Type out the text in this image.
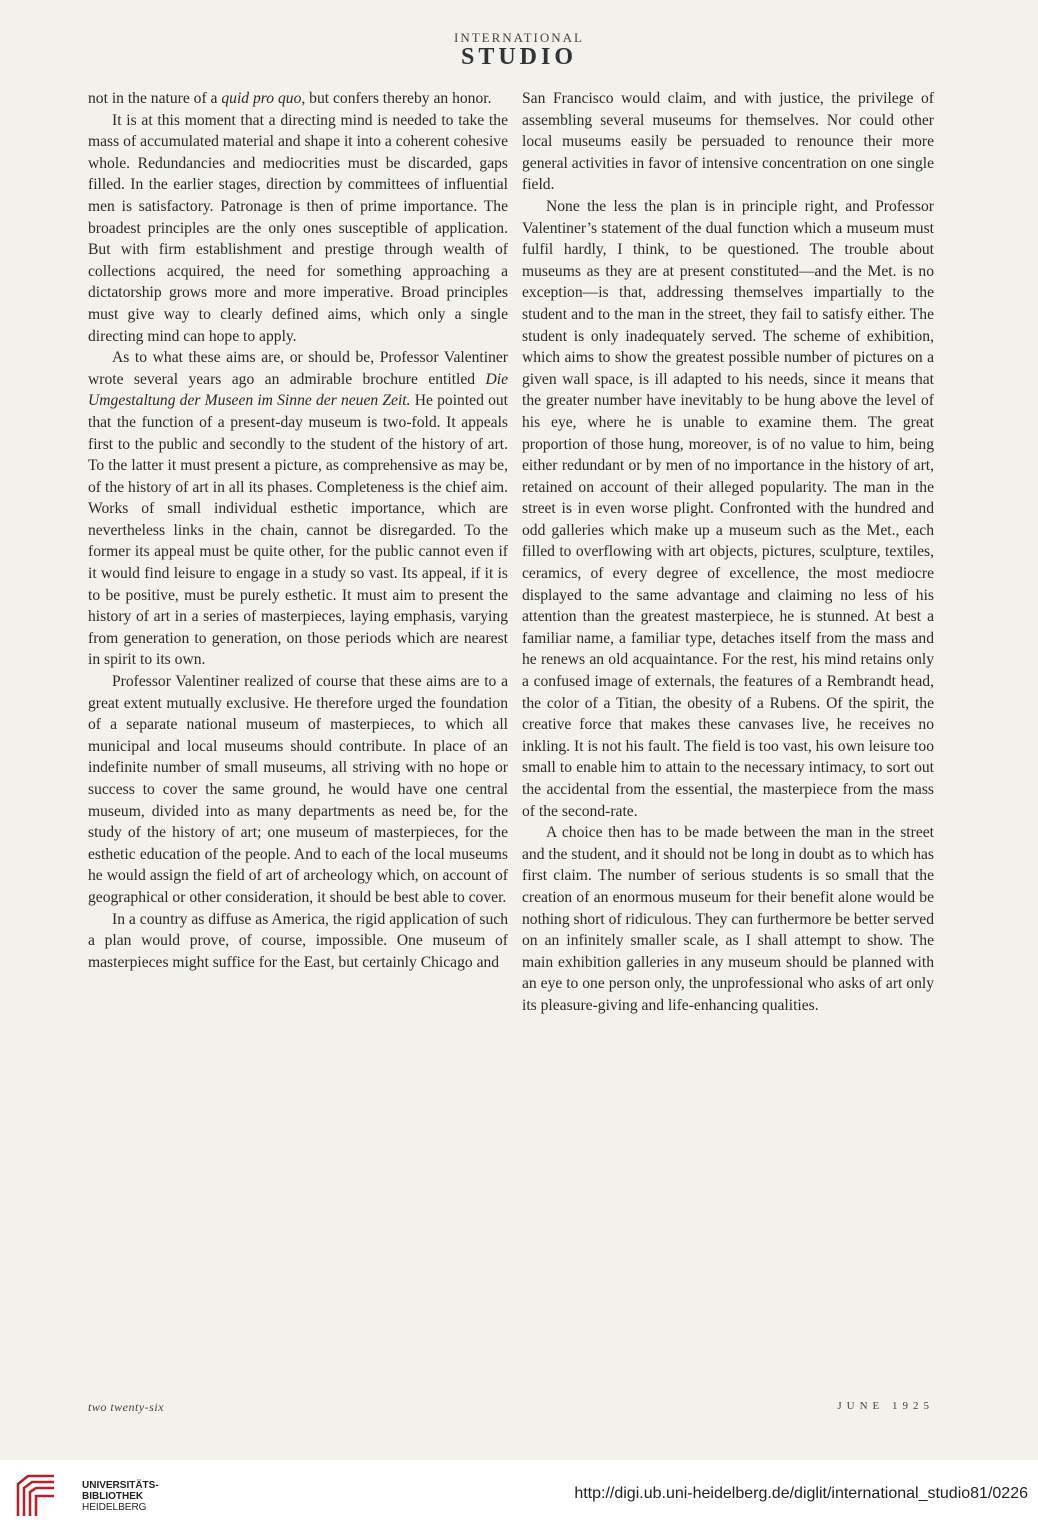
INTERNATIONAL
STUDIO

not in the nature of a quid pro quo, but confers thereby an honor.

It is at this moment that a directing mind is needed to take the mass of accumulated material and shape it into a coherent cohesive whole. Redundancies and mediocrities must be discarded, gaps filled. In the earlier stages, direction by committees of influential men is satisfactory. Patronage is then of prime importance. The broadest principles are the only ones susceptible of application. But with firm establishment and prestige through wealth of collections acquired, the need for something approaching a dictatorship grows more and more imperative. Broad principles must give way to clearly defined aims, which only a single directing mind can hope to apply.

As to what these aims are, or should be, Professor Valentiner wrote several years ago an admirable brochure entitled Die Umgestaltung der Museen im Sinne der neuen Zeit. He pointed out that the function of a present-day museum is two-fold. It appeals first to the public and secondly to the student of the history of art. To the latter it must present a picture, as comprehensive as may be, of the history of art in all its phases. Completeness is the chief aim. Works of small individual esthetic importance, which are nevertheless links in the chain, cannot be disregarded. To the former its appeal must be quite other, for the public cannot even if it would find leisure to engage in a study so vast. Its appeal, if it is to be positive, must be purely esthetic. It must aim to present the history of art in a series of masterpieces, laying emphasis, varying from generation to generation, on those periods which are nearest in spirit to its own.

Professor Valentiner realized of course that these aims are to a great extent mutually exclusive. He therefore urged the foundation of a separate national museum of masterpieces, to which all municipal and local museums should contribute. In place of an indefinite number of small museums, all striving with no hope or success to cover the same ground, he would have one central museum, divided into as many departments as need be, for the study of the history of art; one museum of masterpieces, for the esthetic education of the people. And to each of the local museums he would assign the field of art of archeology which, on account of geographical or other consideration, it should be best able to cover.

In a country as diffuse as America, the rigid application of such a plan would prove, of course, impossible. One museum of masterpieces might suffice for the East, but certainly Chicago and

San Francisco would claim, and with justice, the privilege of assembling several museums for themselves. Nor could other local museums easily be persuaded to renounce their more general activities in favor of intensive concentration on one single field.

None the less the plan is in principle right, and Professor Valentiner’s statement of the dual function which a museum must fulfil hardly, I think, to be questioned. The trouble about museums as they are at present constituted—and the Met. is no exception—is that, addressing themselves impartially to the student and to the man in the street, they fail to satisfy either. The student is only inadequately served. The scheme of exhibition, which aims to show the greatest possible number of pictures on a given wall space, is ill adapted to his needs, since it means that the greater number have inevitably to be hung above the level of his eye, where he is unable to examine them. The great proportion of those hung, moreover, is of no value to him, being either redundant or by men of no importance in the history of art, retained on account of their alleged popularity. The man in the street is in even worse plight. Confronted with the hundred and odd galleries which make up a museum such as the Met., each filled to overflowing with art objects, pictures, sculpture, textiles, ceramics, of every degree of excellence, the most mediocre displayed to the same advantage and claiming no less of his attention than the greatest masterpiece, he is stunned. At best a familiar name, a familiar type, detaches itself from the mass and he renews an old acquaintance. For the rest, his mind retains only a confused image of externals, the features of a Rembrandt head, the color of a Titian, the obesity of a Rubens. Of the spirit, the creative force that makes these canvases live, he receives no inkling. It is not his fault. The field is too vast, his own leisure too small to enable him to attain to the necessary intimacy, to sort out the accidental from the essential, the masterpiece from the mass of the second-rate.

A choice then has to be made between the man in the street and the student, and it should not be long in doubt as to which has first claim. The number of serious students is so small that the creation of an enormous museum for their benefit alone would be nothing short of ridiculous. They can furthermore be better served on an infinitely smaller scale, as I shall attempt to show. The main exhibition galleries in any museum should be planned with an eye to one person only, the unprofessional who asks of art only its pleasure-giving and life-enhancing qualities.

two twenty-six	JUNE 1925
UNIVERSITÄTS-
BIBLIOTHEK
HEIDELBERG
http://digi.ub.uni-heidelberg.de/diglit/international_studio81/0226
